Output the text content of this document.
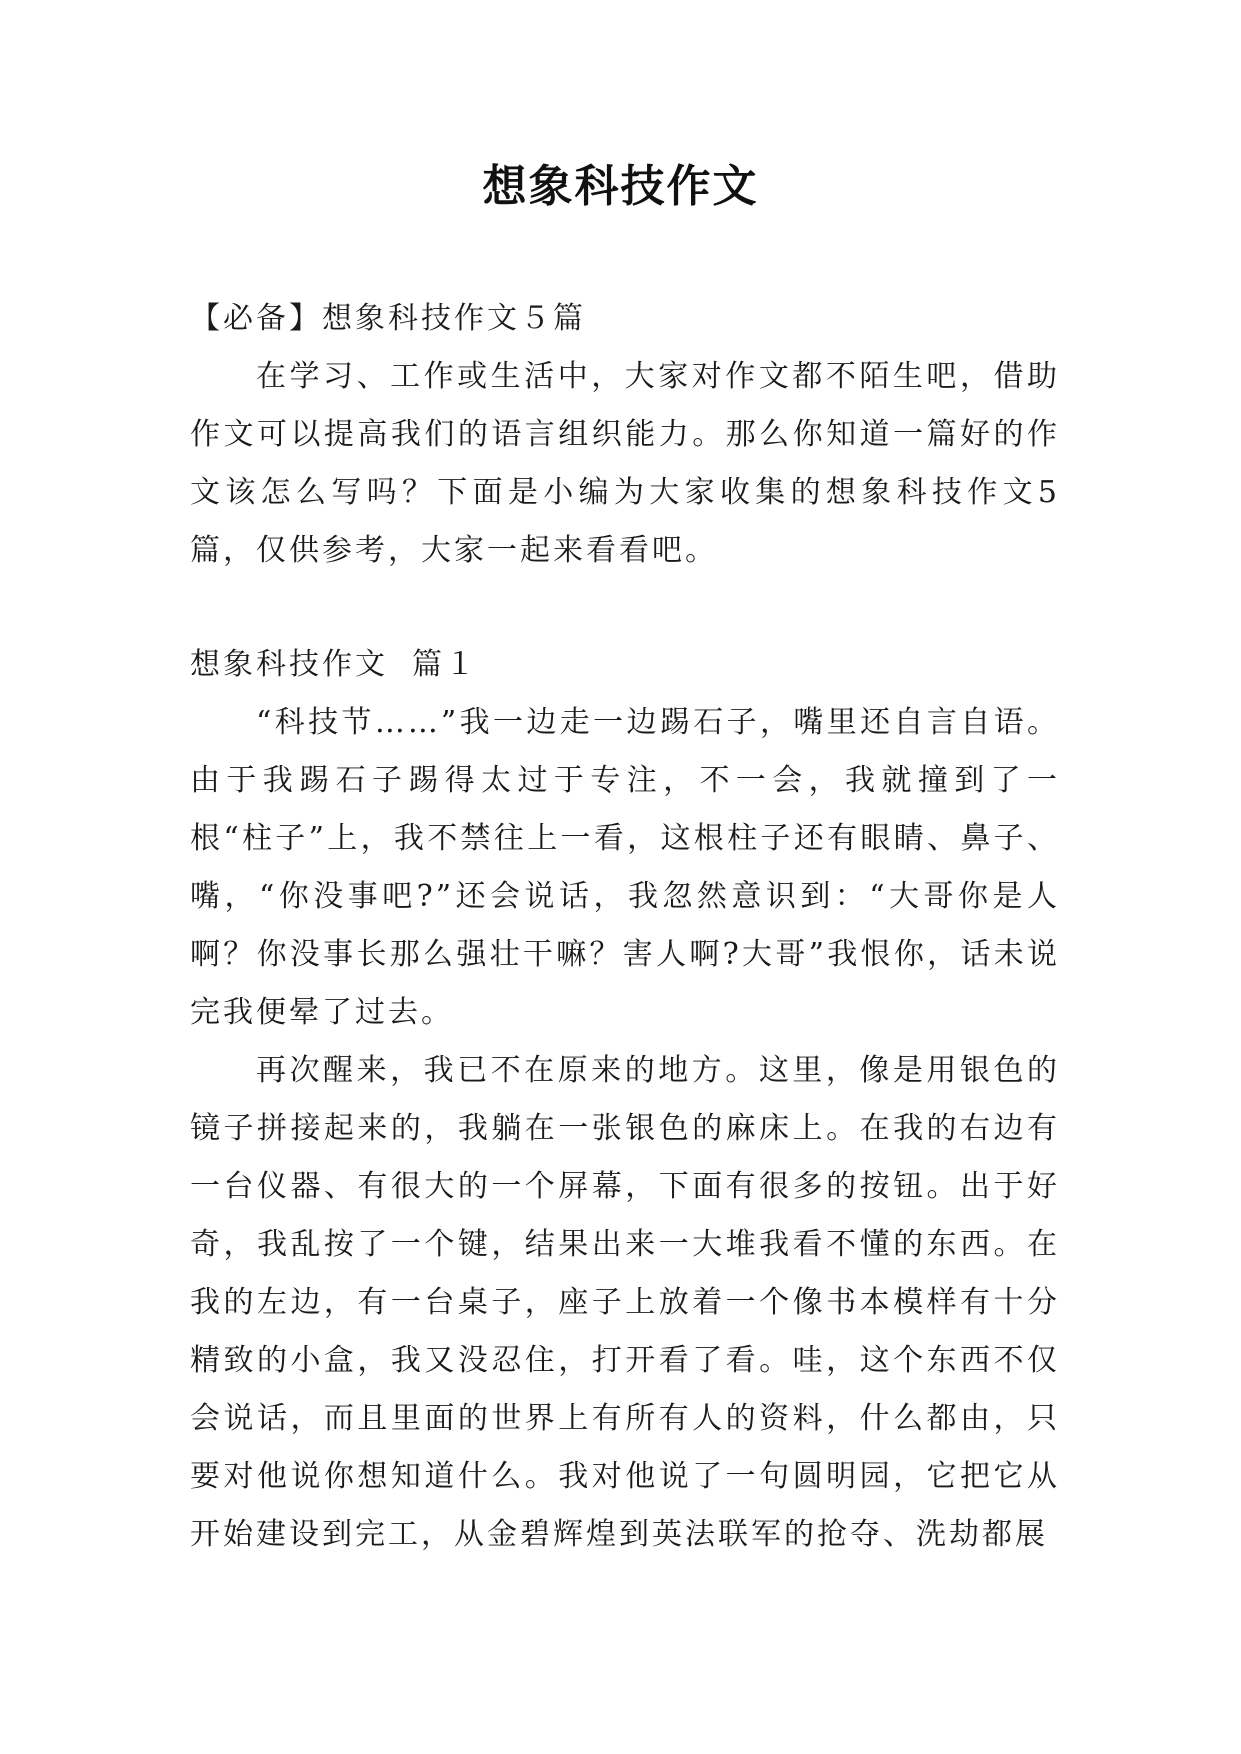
想象科技作文

【必备】想象科技作文５篇

在学习、工作或生活中，大家对作文都不陌生吧，借助作文可以提高我们的语言组织能力。那么你知道一篇好的作文该怎么写吗？下面是小编为大家收集的想象科技作文5篇，仅供参考，大家一起来看看吧。

想象科技作文 篇１

“科技节……”我一边走一边踢石子，嘴里还自言自语。由于我踢石子踢得太过于专注，不一会，我就撞到了一根“柱子”上，我不禁往上一看，这根柱子还有眼睛、鼻子、嘴，“你没事吧?”还会说话，我忽然意识到：“大哥你是人啊？你没事长那么强壮干嘛？害人啊?大哥”我恨你，话未说完我便晕了过去。

再次醒来，我已不在原来的地方。这里，像是用银色的镜子拼接起来的，我躺在一张银色的麻床上。在我的右边有一台仪器、有很大的一个屏幕，下面有很多的按钮。出于好奇，我乱按了一个键，结果出来一大堆我看不懂的东西。在我的左边，有一台桌子，座子上放着一个像书本模样有十分精致的小盒，我又没忍住，打开看了看。哇，这个东西不仅会说话，而且里面的世界上有所有人的资料，什么都由，只要对他说你想知道什么。我对他说了一句圆明园，它把它从开始建设到完工，从金碧辉煌到英法联军的抢夺、洗劫都展
